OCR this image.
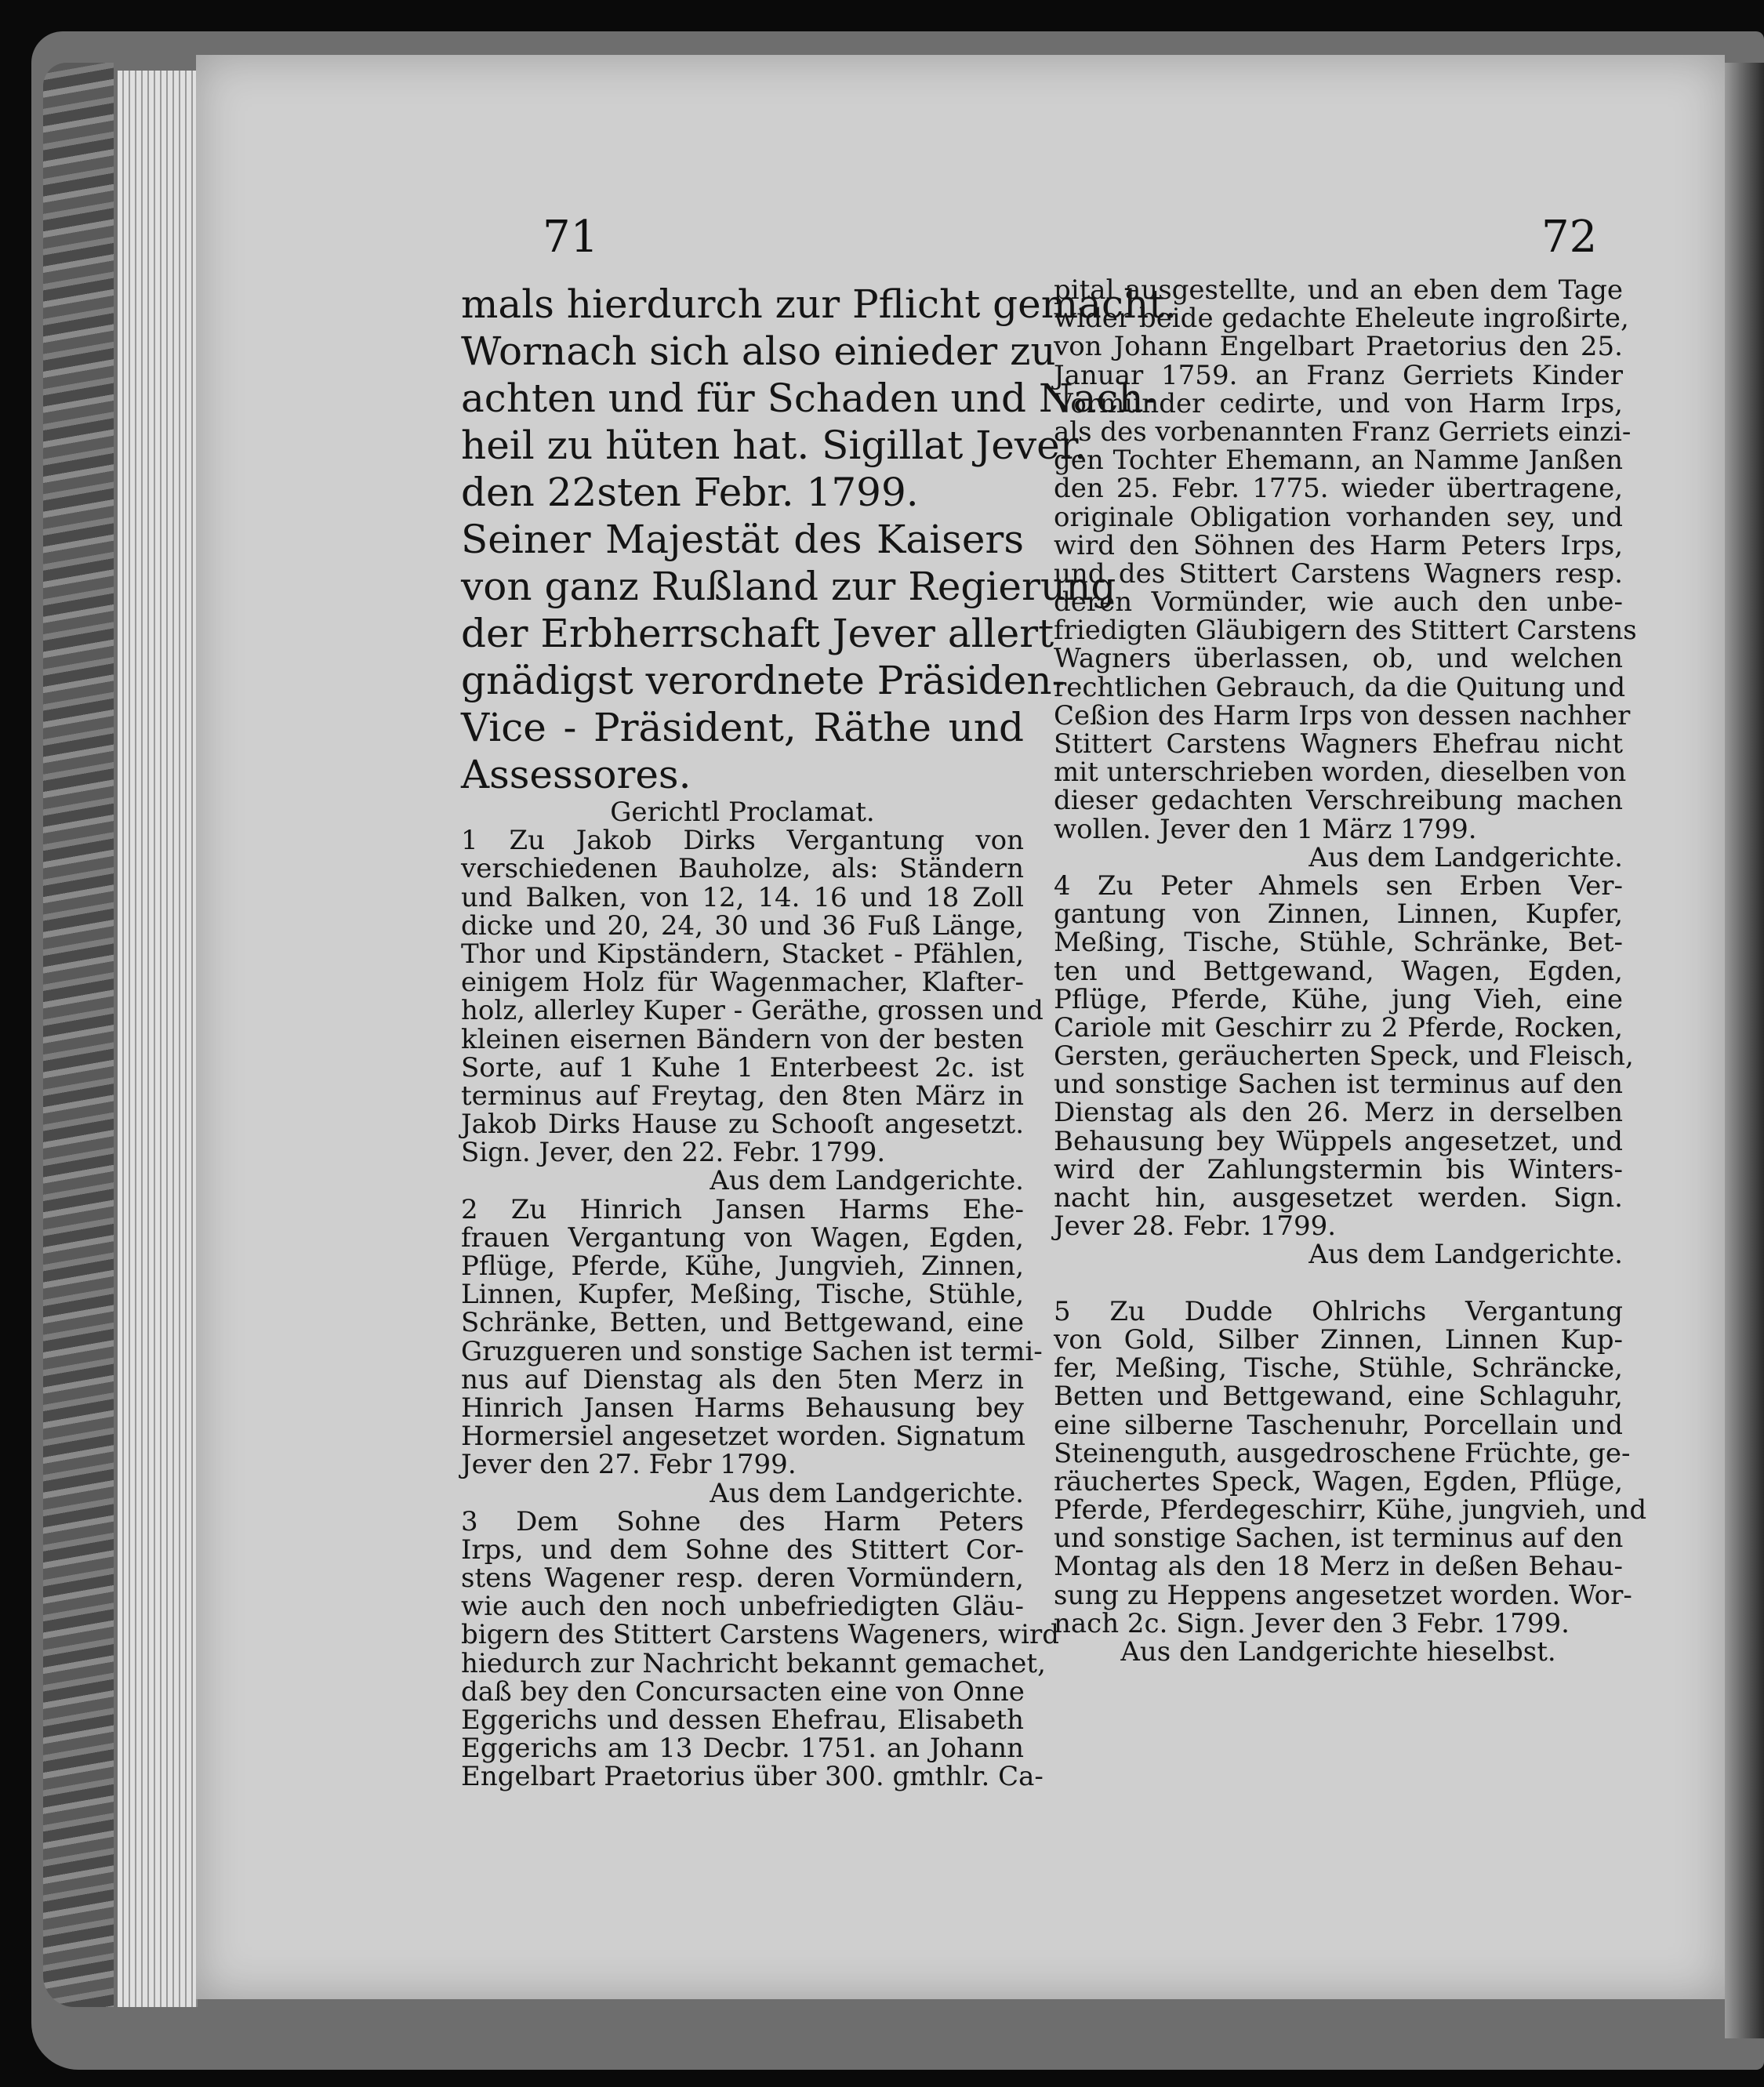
71	72
mals hierdurch zur Pflicht gemacht.
Wornach sich also einieder zu
achten und für Schaden und Nach-
heil zu hüten hat. Sigillat Jever.
den 22sten Febr. 1799.
Seiner Majestät des Kaisers
von ganz Rußland zur Regierung
der Erbherrschaft Jever allert
gnädigst verordnete Präsiden-
Vice - Präsident, Räthe und
Assessores.
Gerichtl Proclamat.
1 Zu Jakob Dirks Vergantung von
verschiedenen Bauholze, als: Ständern
und Balken, von 12, 14. 16 und 18 Zoll
dicke und 20, 24, 30 und 36 Fuß Länge,
Thor und Kipständern, Stacket - Pfählen,
einigem Holz für Wagenmacher, Klafter-
holz, allerley Kuper - Geräthe, grossen und
kleinen eisernen Bändern von der besten
Sorte, auf 1 Kuhe 1 Enterbeest 2c. ist
terminus auf Freytag, den 8ten März in
Jakob Dirks Hause zu Schooſt angesetzt.
Sign. Jever, den 22. Febr. 1799.
Aus dem Landgerichte.
2 Zu Hinrich Jansen Harms Ehe-
frauen Vergantung von Wagen, Egden,
Pflüge, Pferde, Kühe, Jungvieh, Zinnen,
Linnen, Kupfer, Meßing, Tische, Stühle,
Schränke, Betten, und Bettgewand, eine
Gruzgueren und sonstige Sachen ist termi-
nus auf Dienstag als den 5ten Merz in
Hinrich Jansen Harms Behausung bey
Hormersiel angesetzet worden. Signatum
Jever den 27. Febr 1799.
Aus dem Landgerichte.
3 Dem Sohne des Harm Peters
Irps, und dem Sohne des Stittert Cor-
stens Wagener resp. deren Vormündern,
wie auch den noch unbefriedigten Gläu-
bigern des Stittert Carstens Wageners, wird
hiedurch zur Nachricht bekannt gemachet,
daß bey den Concursacten eine von Onne
Eggerichs und dessen Ehefrau, Elisabeth
Eggerichs am 13 Decbr. 1751. an Johann
Engelbart Praetorius über 300. gmthlr. Ca-
pital ausgestellte, und an eben dem Tage
wider beide gedachte Eheleute ingroßirte,
von Johann Engelbart Praetorius den 25.
Januar 1759. an Franz Gerriets Kinder
Vormünder cedirte, und von Harm Irps,
als des vorbenannten Franz Gerriets einzi-
gen Tochter Ehemann, an Namme Janßen
den 25. Febr. 1775. wieder übertragene,
originale Obligation vorhanden sey, und
wird den Söhnen des Harm Peters Irps,
und des Stittert Carstens Wagners resp.
deren Vormünder, wie auch den unbe-
friedigten Gläubigern des Stittert Carstens
Wagners überlassen, ob, und welchen
rechtlichen Gebrauch, da die Quitung und
Ceßion des Harm Irps von dessen nachher
Stittert Carstens Wagners Ehefrau nicht
mit unterschrieben worden, dieselben von
dieser gedachten Verschreibung machen
wollen. Jever den 1 März 1799.
Aus dem Landgerichte.
4 Zu Peter Ahmels sen Erben Ver-
gantung von Zinnen, Linnen, Kupfer,
Meßing, Tische, Stühle, Schränke, Bet-
ten und Bettgewand, Wagen, Egden,
Pflüge, Pferde, Kühe, jung Vieh, eine
Cariole mit Geschirr zu 2 Pferde, Rocken,
Gersten, geräucherten Speck, und Fleisch,
und sonstige Sachen ist terminus auf den
Dienstag als den 26. Merz in derselben
Behausung bey Wüppels angesetzet, und
wird der Zahlungstermin bis Winters-
nacht hin, ausgesetzet werden. Sign.
Jever 28. Febr. 1799.
Aus dem Landgerichte.
5 Zu Dudde Ohlrichs Vergantung
von Gold, Silber Zinnen, Linnen Kup-
fer, Meßing, Tische, Stühle, Schräncke,
Betten und Bettgewand, eine Schlaguhr,
eine silberne Taschenuhr, Porcellain und
Steinenguth, ausgedroschene Früchte, ge-
räuchertes Speck, Wagen, Egden, Pflüge,
Pferde, Pferdegeschirr, Kühe, jungvieh, und
und sonstige Sachen, ist terminus auf den
Montag als den 18 Merz in deßen Behau-
sung zu Heppens angesetzet worden. Wor-
nach 2c. Sign. Jever den 3 Febr. 1799.
Aus den Landgerichte hieselbst.
